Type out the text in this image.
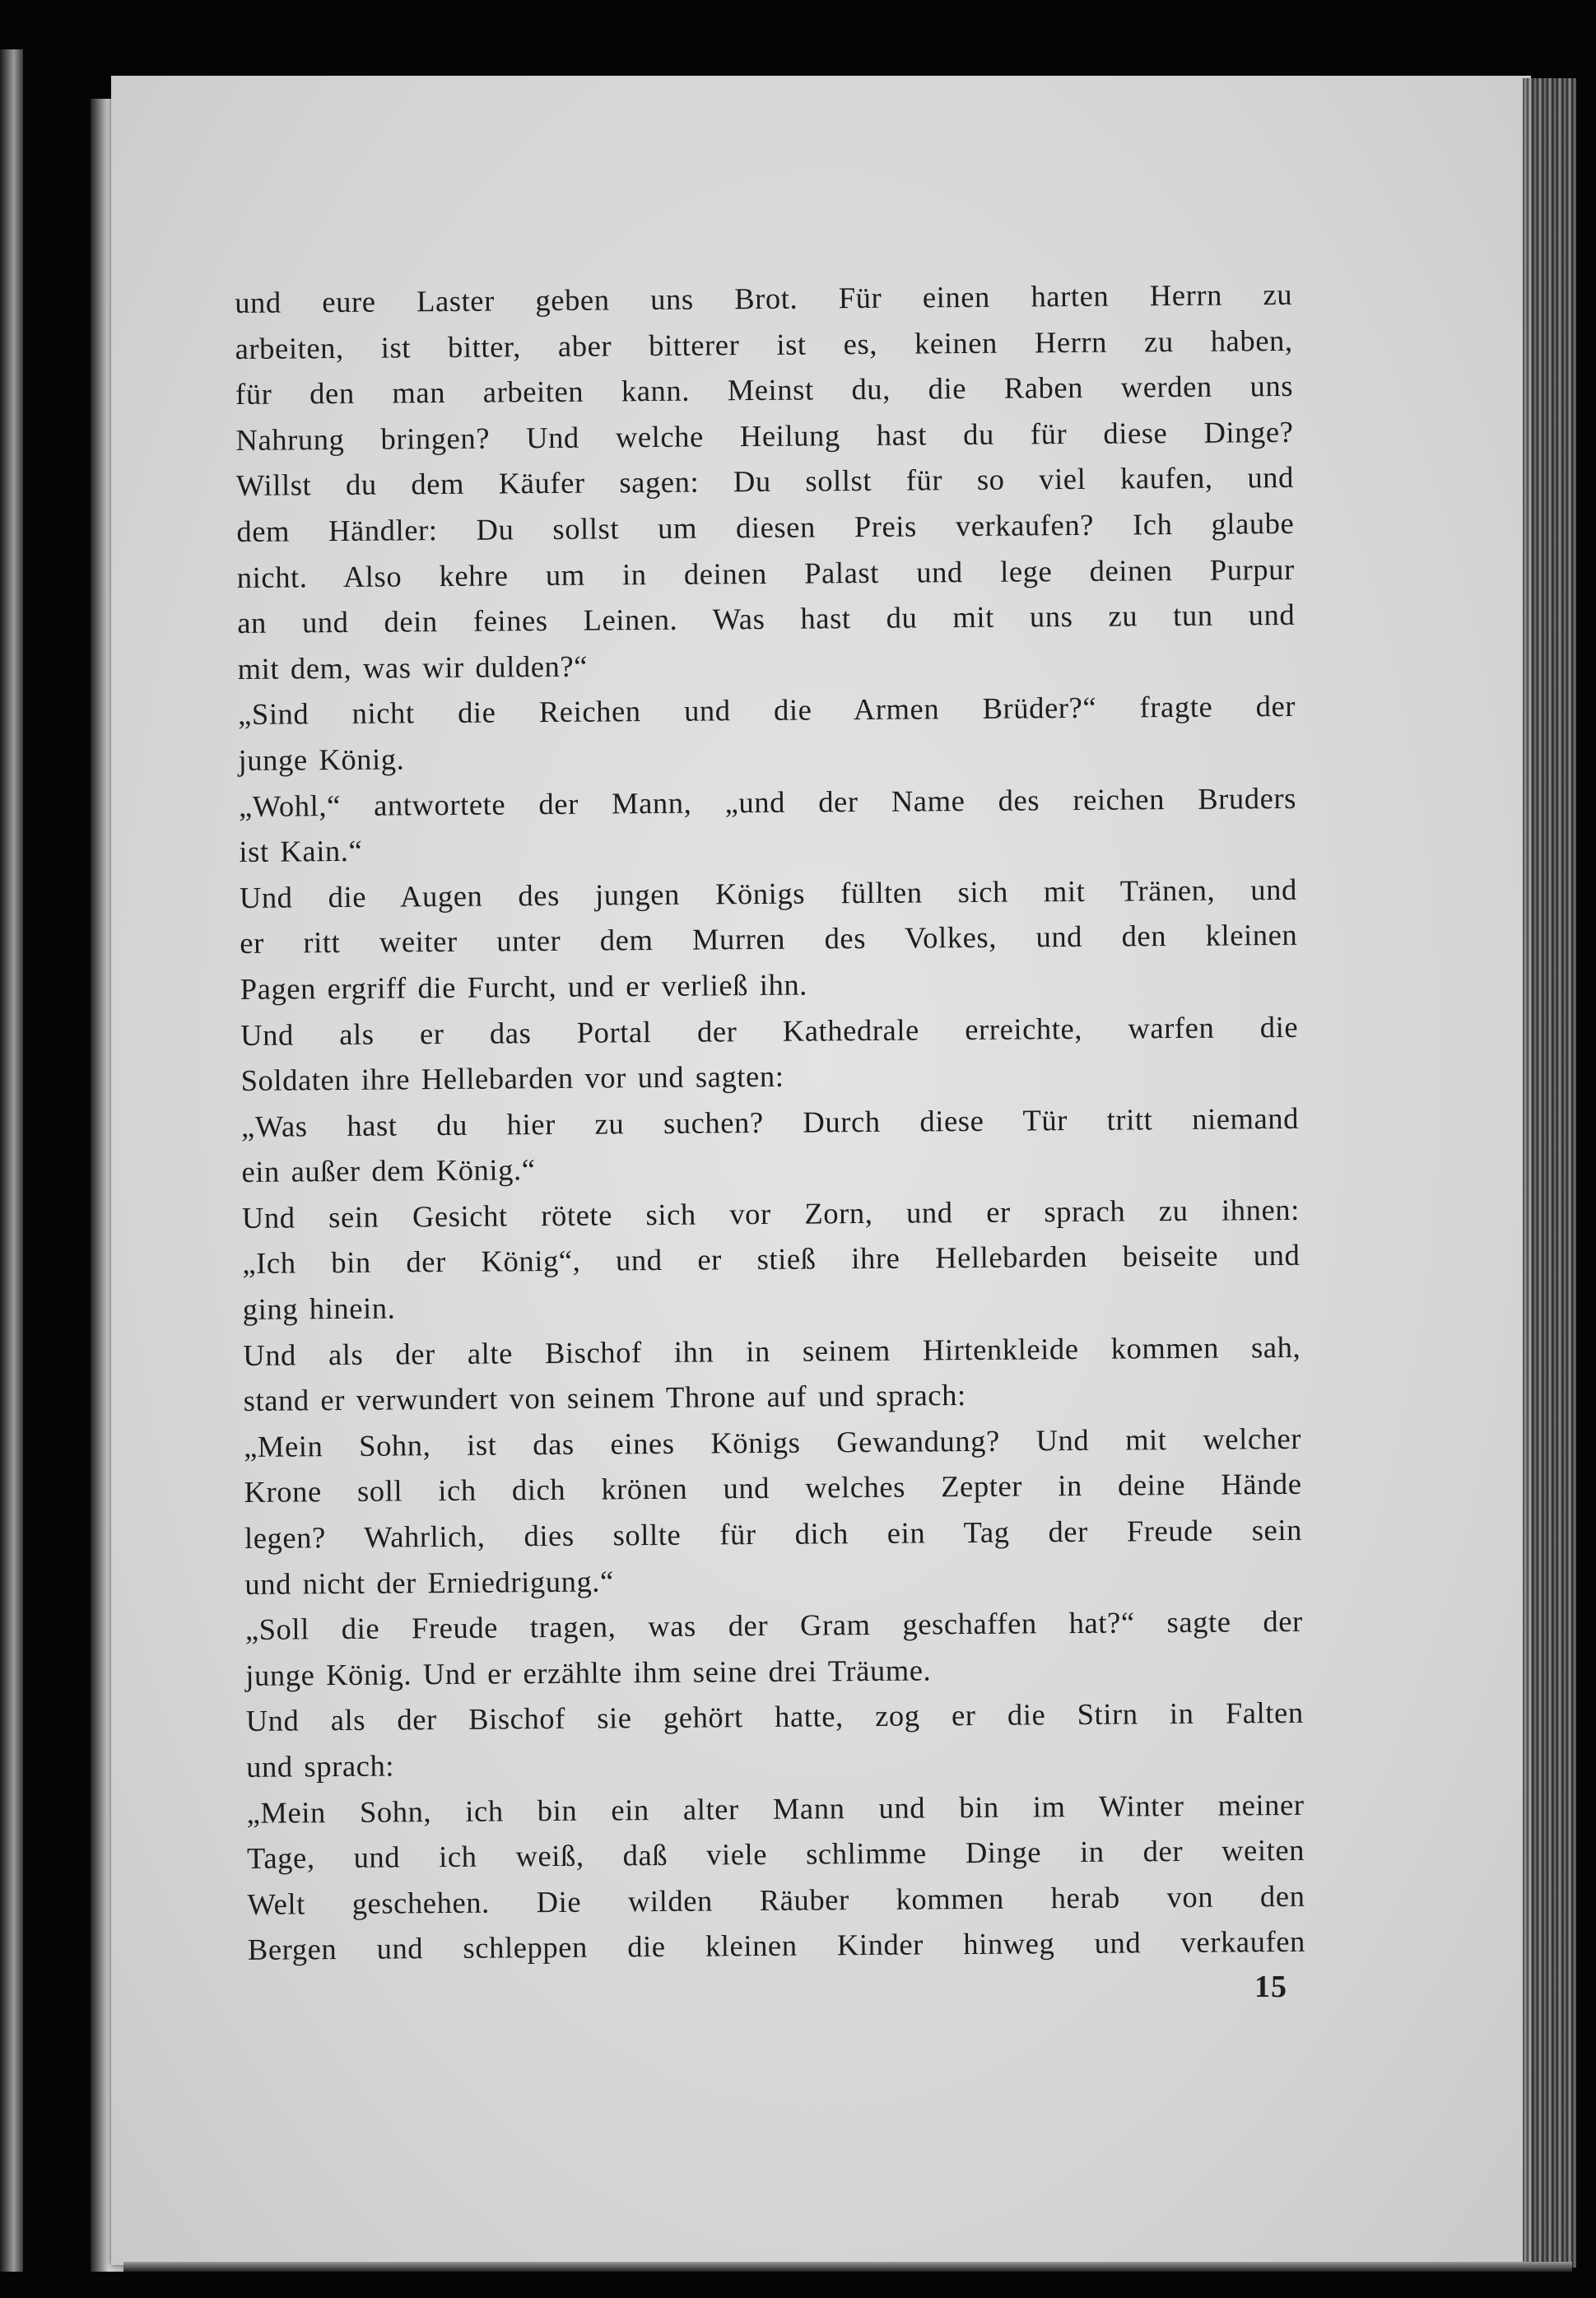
und eure Laster geben uns Brot. Für einen harten Herrn zu
arbeiten, ist bitter, aber bitterer ist es, keinen Herrn zu haben,
für den man arbeiten kann. Meinst du, die Raben werden uns
Nahrung bringen? Und welche Heilung hast du für diese Dinge?
Willst du dem Käufer sagen: Du sollst für so viel kaufen, und
dem Händler: Du sollst um diesen Preis verkaufen? Ich glaube
nicht. Also kehre um in deinen Palast und lege deinen Purpur
an und dein feines Leinen. Was hast du mit uns zu tun und
mit dem, was wir dulden?“
„Sind nicht die Reichen und die Armen Brüder?“ fragte der
junge König.
„Wohl,“ antwortete der Mann, „und der Name des reichen Bruders
ist Kain.“
Und die Augen des jungen Königs füllten sich mit Tränen, und
er ritt weiter unter dem Murren des Volkes, und den kleinen
Pagen ergriff die Furcht, und er verließ ihn.
Und als er das Portal der Kathedrale erreichte, warfen die
Soldaten ihre Hellebarden vor und sagten:
„Was hast du hier zu suchen? Durch diese Tür tritt niemand
ein außer dem König.“
Und sein Gesicht rötete sich vor Zorn, und er sprach zu ihnen:
„Ich bin der König“, und er stieß ihre Hellebarden beiseite und
ging hinein.
Und als der alte Bischof ihn in seinem Hirtenkleide kommen sah,
stand er verwundert von seinem Throne auf und sprach:
„Mein Sohn, ist das eines Königs Gewandung? Und mit welcher
Krone soll ich dich krönen und welches Zepter in deine Hände
legen? Wahrlich, dies sollte für dich ein Tag der Freude sein
und nicht der Erniedrigung.“
„Soll die Freude tragen, was der Gram geschaffen hat?“ sagte der
junge König. Und er erzählte ihm seine drei Träume.
Und als der Bischof sie gehört hatte, zog er die Stirn in Falten
und sprach:
„Mein Sohn, ich bin ein alter Mann und bin im Winter meiner
Tage, und ich weiß, daß viele schlimme Dinge in der weiten
Welt geschehen. Die wilden Räuber kommen herab von den
Bergen und schleppen die kleinen Kinder hinweg und verkaufen
15
